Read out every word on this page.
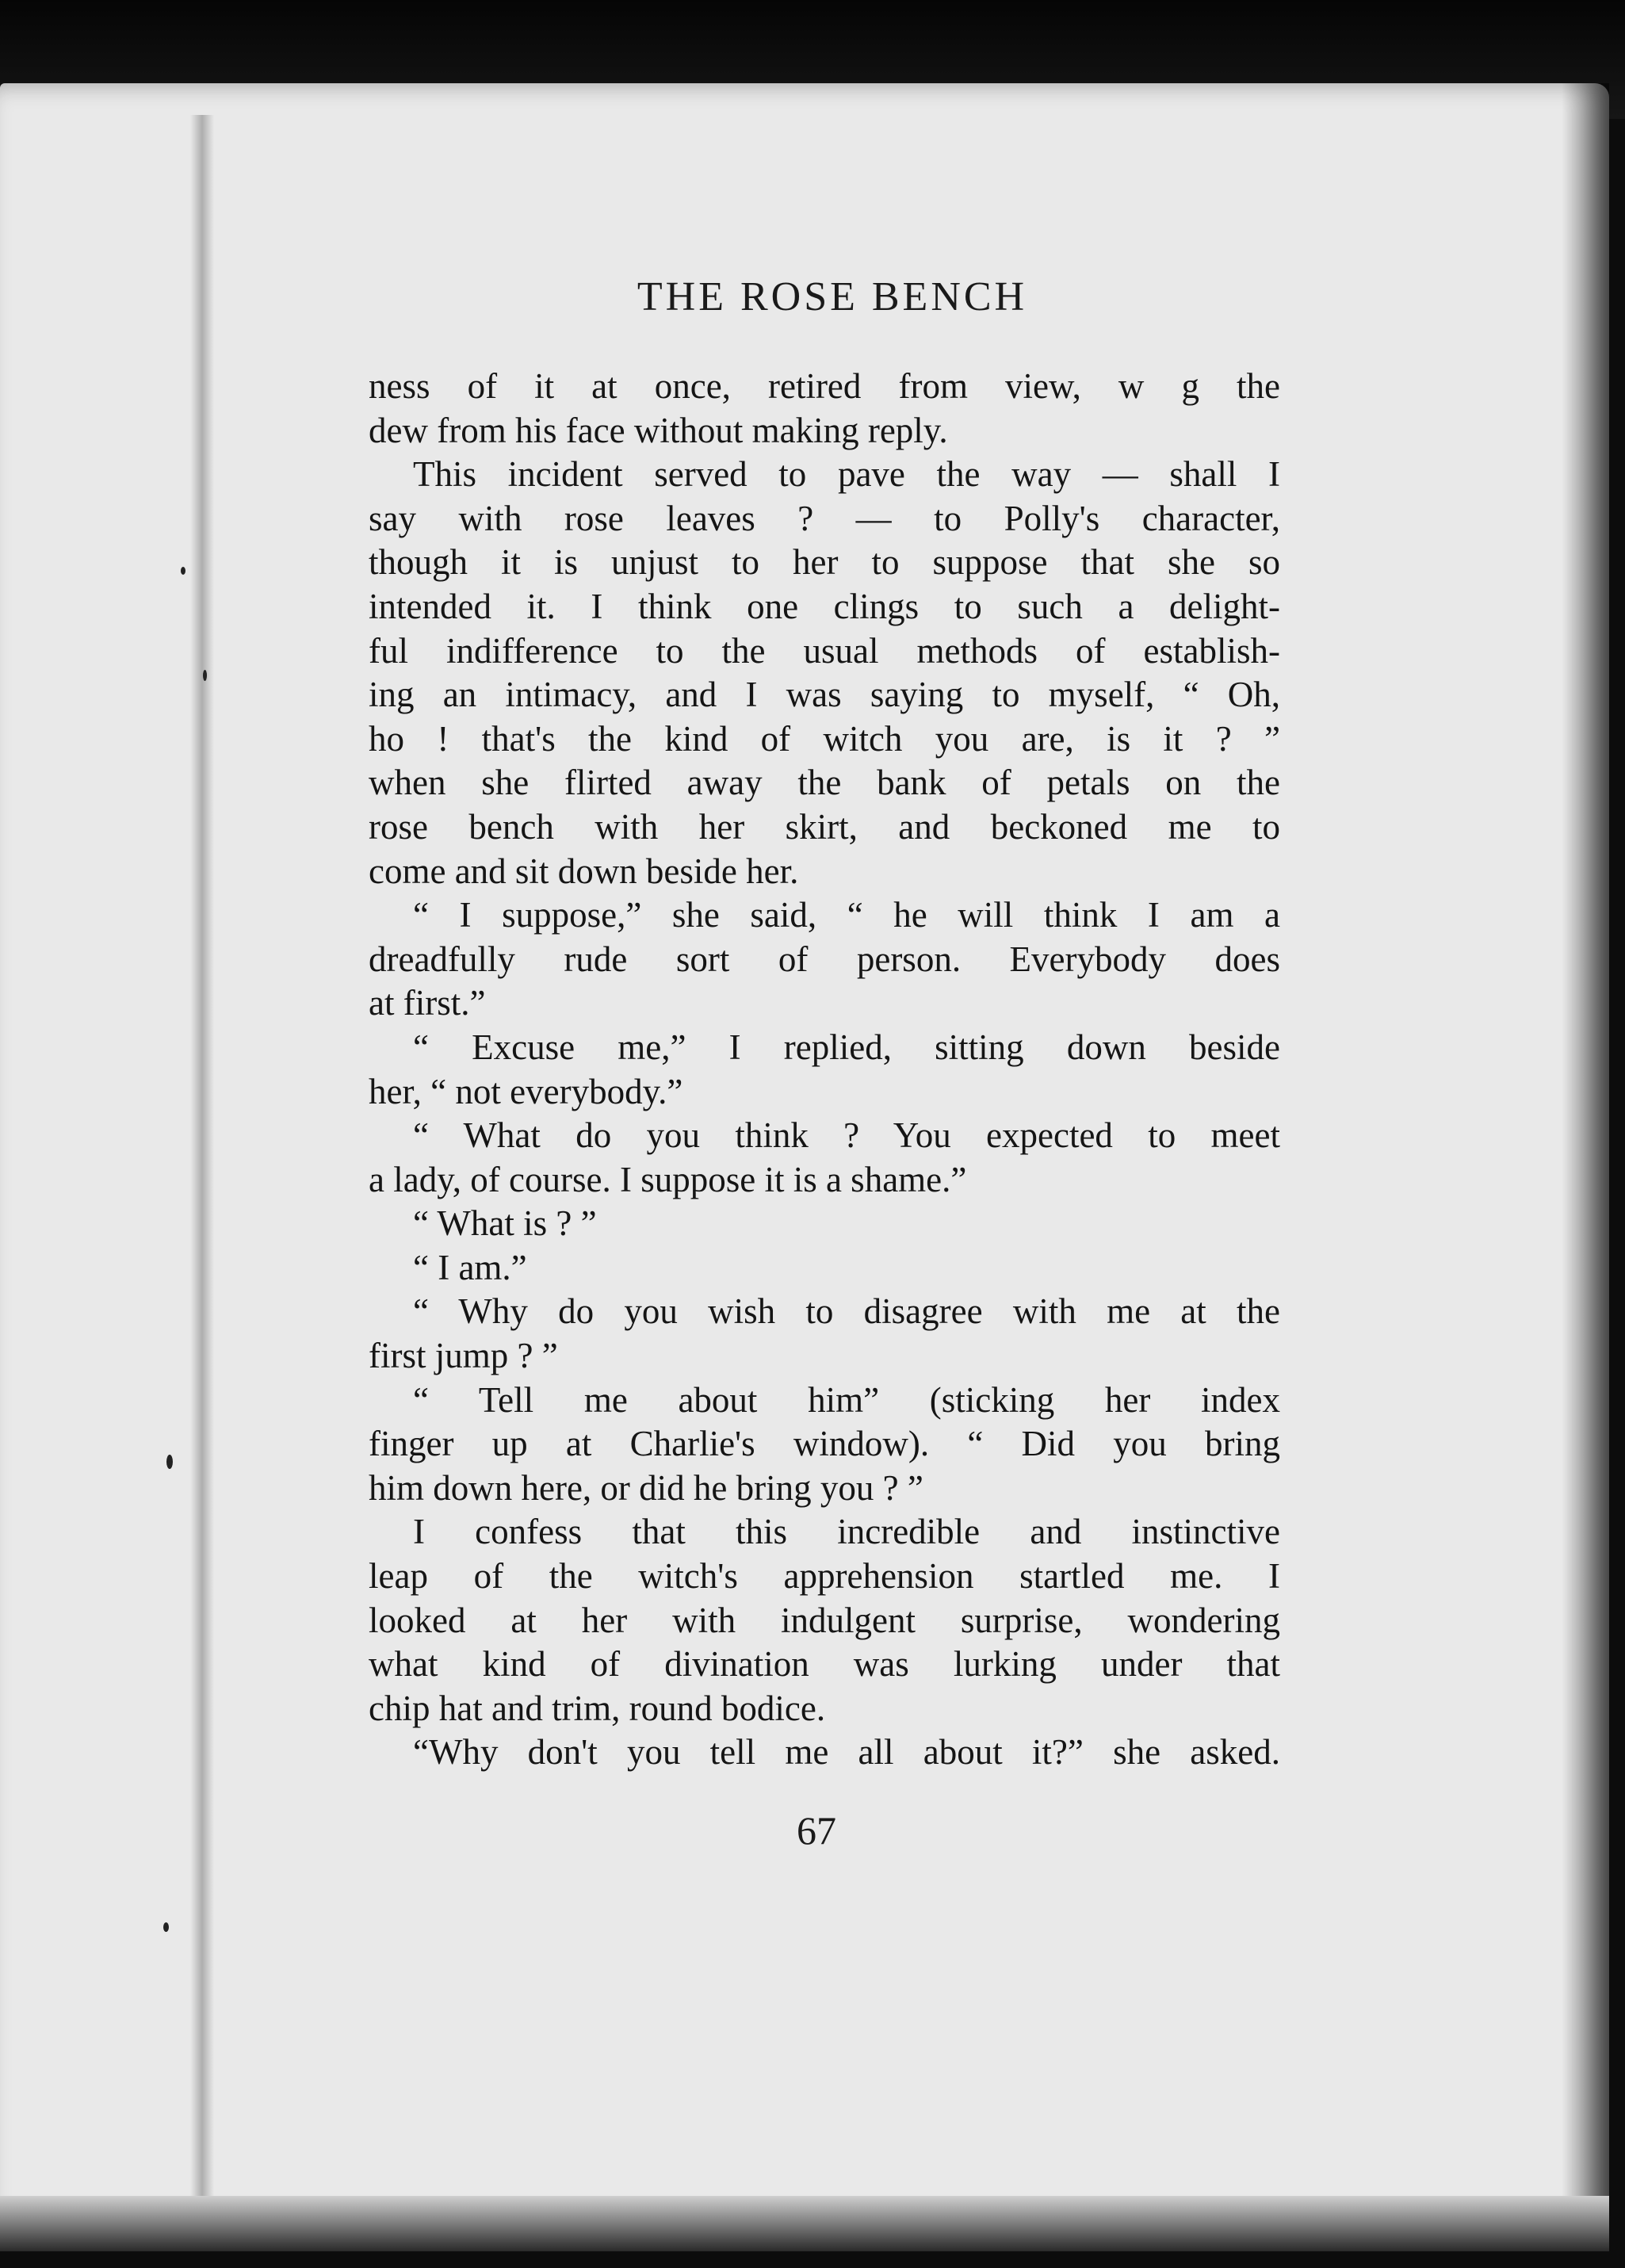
THE ROSE BENCH
ness of it at once, retired from view, w g the
dew from his face without making reply.
This incident served to pave the way — shall I
say with rose leaves ? — to Polly's character,
though it is unjust to her to suppose that she so
intended it. I think one clings to such a delight-
ful indifference to the usual methods of establish-
ing an intimacy, and I was saying to myself, “ Oh,
ho ! that's the kind of witch you are, is it ? ”
when she flirted away the bank of petals on the
rose bench with her skirt, and beckoned me to
come and sit down beside her.
“ I suppose,” she said, “ he will think I am a
dreadfully rude sort of person. Everybody does
at first.”
“ Excuse me,” I replied, sitting down beside
her, “ not everybody.”
“ What do you think ? You expected to meet
a lady, of course. I suppose it is a shame.”
“ What is ? ”
“ I am.”
“ Why do you wish to disagree with me at the
first jump ? ”
“ Tell me about him” (sticking her index
finger up at Charlie's window). “ Did you bring
him down here, or did he bring you ? ”
I confess that this incredible and instinctive
leap of the witch's apprehension startled me. I
looked at her with indulgent surprise, wondering
what kind of divination was lurking under that
chip hat and trim, round bodice.
“Why don't you tell me all about it?” she asked.
67
